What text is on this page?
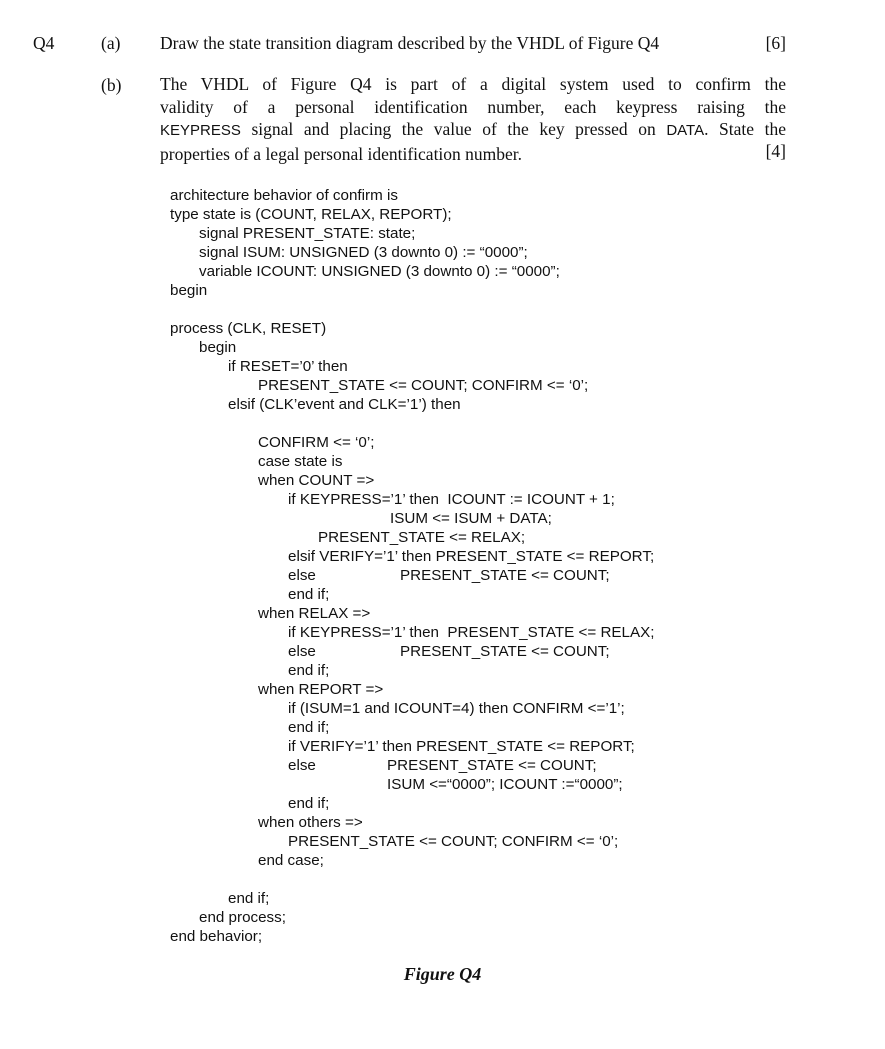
Q4	(a) Draw the state transition diagram described by the VHDL of Figure Q4	[6]
(b) The VHDL of Figure Q4 is part of a digital system used to confirm the
validity of a personal identification number, each keypress raising the
KEYPRESS signal and placing the value of the key pressed on DATA. State the
properties of a legal personal identification number.	[4]
architecture behavior of confirm is
type state is (COUNT, RELAX, REPORT);
signal PRESENT_STATE: state;
signal ISUM: UNSIGNED (3 downto 0) := “0000”;
variable ICOUNT: UNSIGNED (3 downto 0) := “0000”;
begin
process (CLK, RESET)
begin
if RESET=’0’ then
PRESENT_STATE <= COUNT; CONFIRM <= ‘0’;
elsif (CLK’event and CLK=’1’) then
CONFIRM <= ‘0’;
case state is
when COUNT =>
if KEYPRESS=’1’ then  ICOUNT := ICOUNT + 1;
ISUM <= ISUM + DATA;
PRESENT_STATE <= RELAX;
elsif VERIFY=’1’ then PRESENT_STATE <= REPORT;
else	PRESENT_STATE <= COUNT;
end if;
when RELAX =>
if KEYPRESS=’1’ then  PRESENT_STATE <= RELAX;
else	PRESENT_STATE <= COUNT;
end if;
when REPORT =>
if (ISUM=1 and ICOUNT=4) then CONFIRM <=’1’;
end if;
if VERIFY=’1’ then PRESENT_STATE <= REPORT;
else	PRESENT_STATE <= COUNT;
ISUM <=“0000”; ICOUNT :=“0000”;
end if;
when others =>
PRESENT_STATE <= COUNT; CONFIRM <= ‘0’;
end case;
end if;
end process;
end behavior;
Figure Q4
